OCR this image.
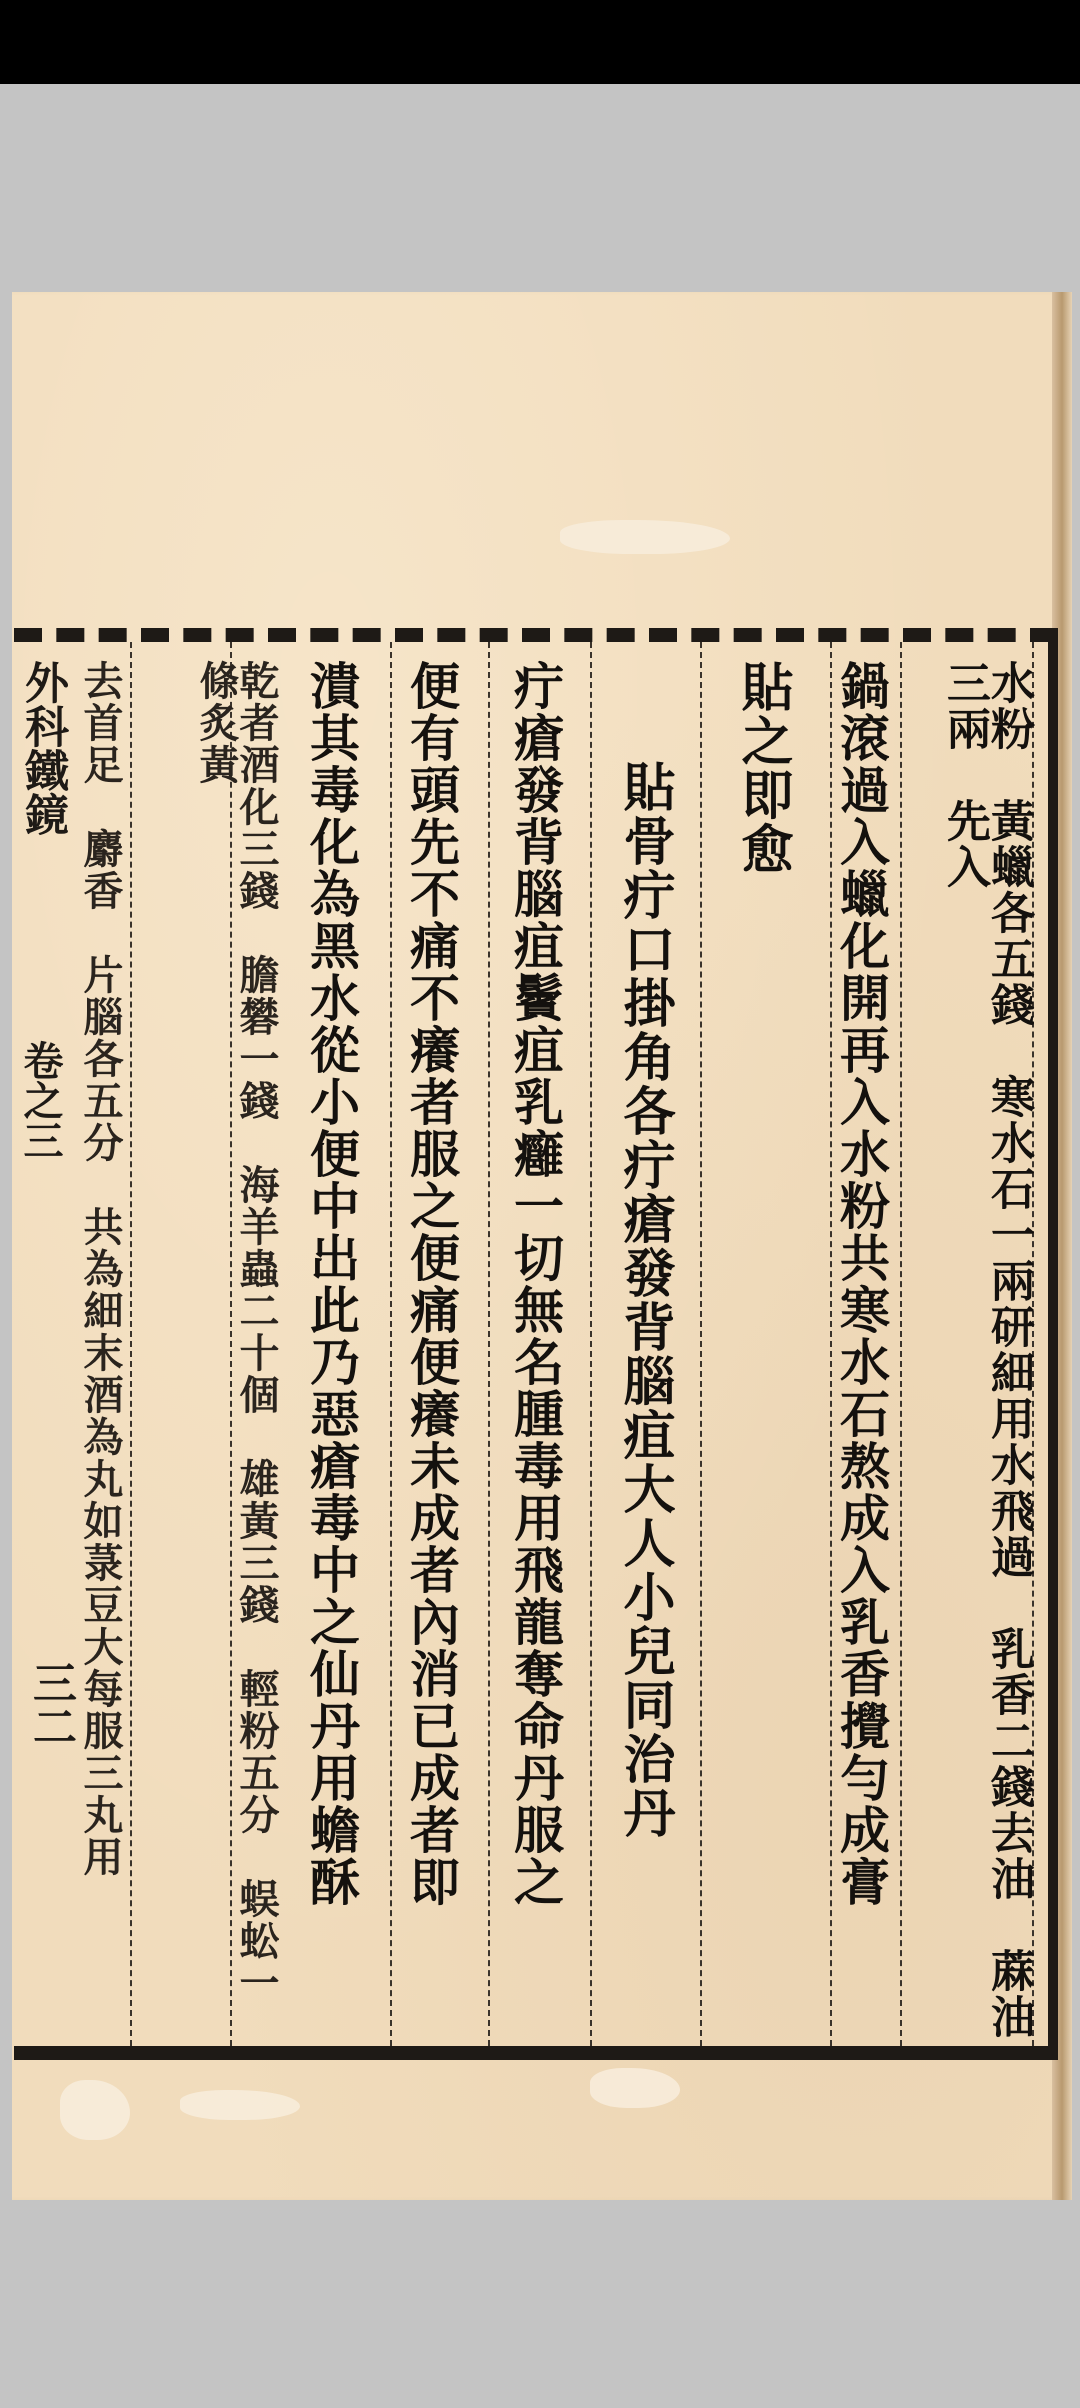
水粉　黃蠟各五錢　寒水石一兩研細用水飛過　乳香二錢去油　蔴油三兩　先入
鍋滾過入蠟化開再入水粉共寒水石熬成入乳香攪勻成膏
貼之即愈
貼骨疔口掛角各疔瘡發背腦疽大人小兒同治丹
疔瘡發背腦疽鬢疽乳癰一切無名腫毒用飛龍奪命丹服之
便有頭先不痛不癢者服之便痛便癢未成者內消已成者即
潰其毒化為黑水從小便中出此乃惡瘡毒中之仙丹用蟾酥
乾者酒化三錢　膽礬一錢　海羊蟲二十個　雄黃三錢　輕粉五分　蜈蚣一條炙黃
去首足　麝香　片腦各五分　共為細末酒為丸如菉豆大每服三丸用
外科鐵鏡
卷之三
三二
